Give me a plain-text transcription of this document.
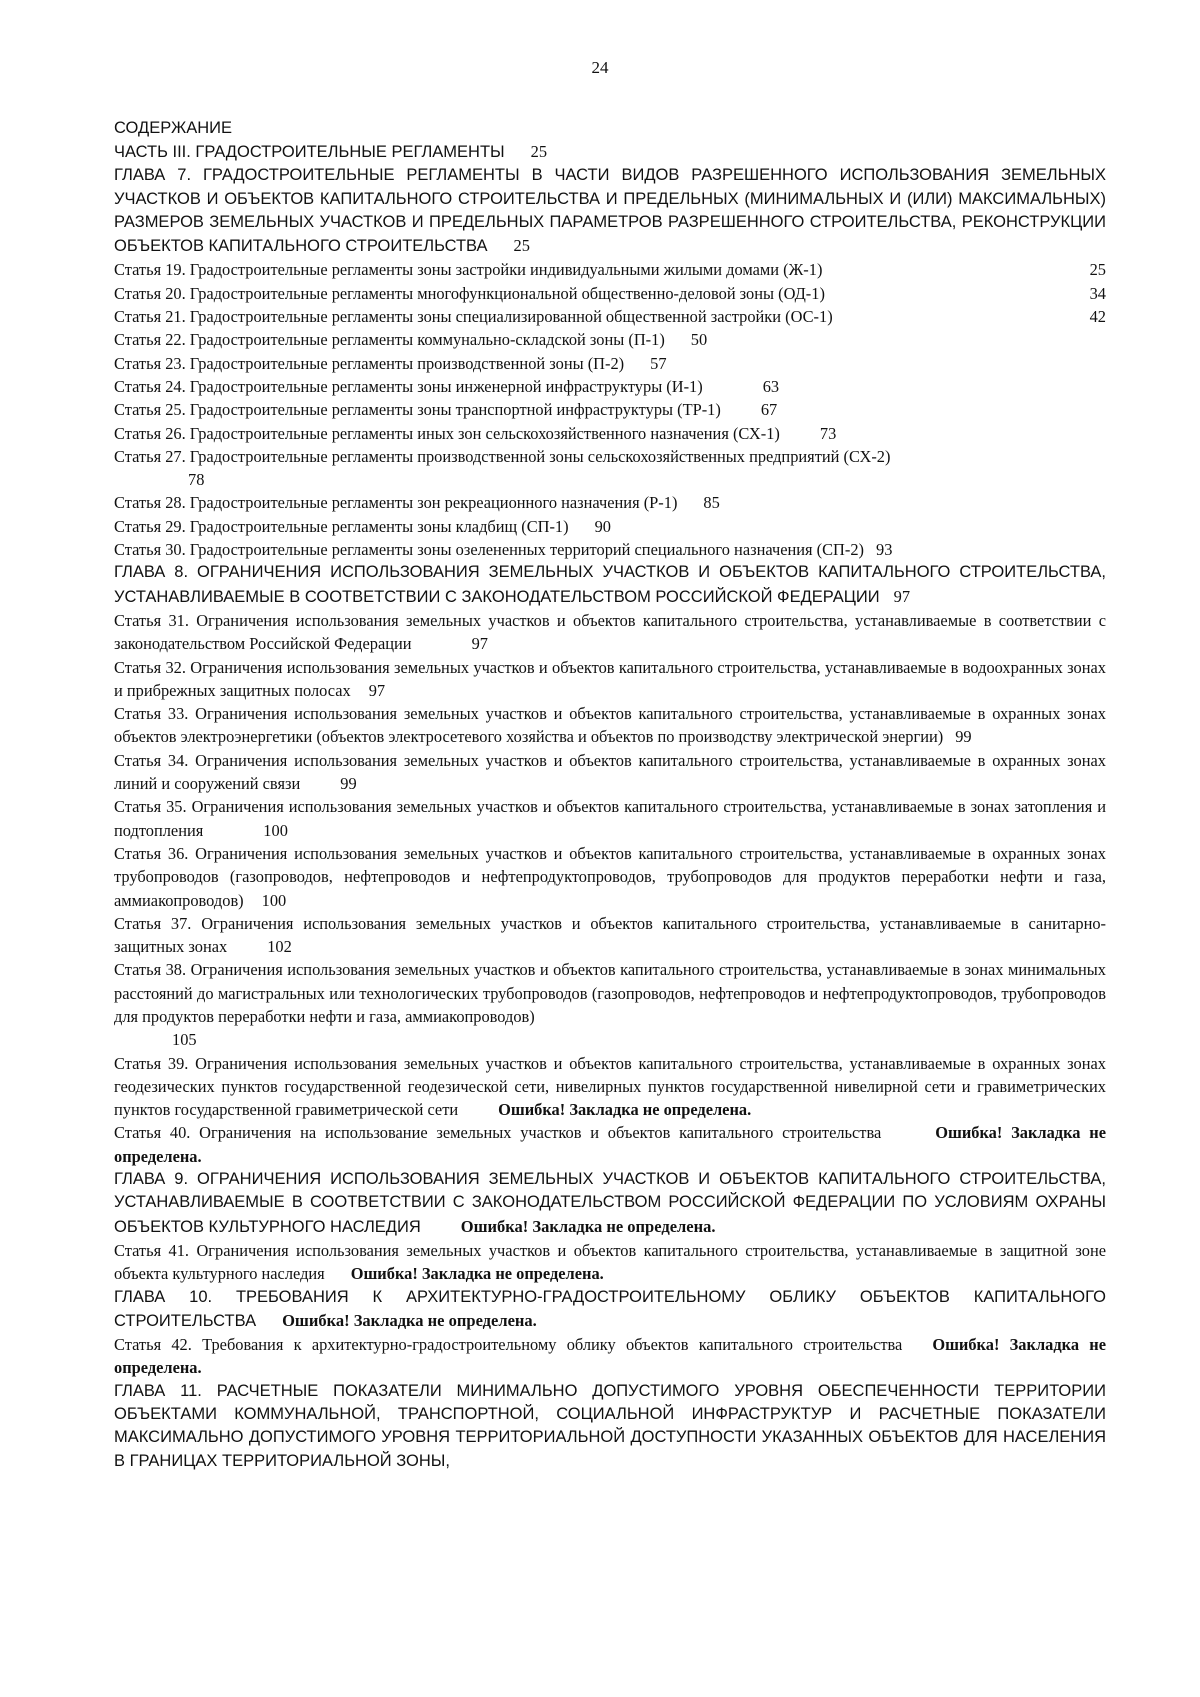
24

СОДЕРЖАНИЕ

ЧАСТЬ III. ГРАДОСТРОИТЕЛЬНЫЕ РЕГЛАМЕНТЫ 25

ГЛАВА 7. ГРАДОСТРОИТЕЛЬНЫЕ РЕГЛАМЕНТЫ В ЧАСТИ ВИДОВ РАЗРЕШЕННОГО ИСПОЛЬЗОВАНИЯ ЗЕМЕЛЬНЫХ УЧАСТКОВ И ОБЪЕКТОВ КАПИТАЛЬНОГО СТРОИТЕЛЬСТВА И ПРЕДЕЛЬНЫХ (МИНИМАЛЬНЫХ И (ИЛИ) МАКСИМАЛЬНЫХ) РАЗМЕРОВ ЗЕМЕЛЬНЫХ УЧАСТКОВ И ПРЕДЕЛЬНЫХ ПАРАМЕТРОВ РАЗРЕШЕННОГО СТРОИТЕЛЬСТВА, РЕКОНСТРУКЦИИ ОБЪЕКТОВ КАПИТАЛЬНОГО СТРОИТЕЛЬСТВА 25

Статья 19. Градостроительные регламенты зоны застройки индивидуальными жилыми домами (Ж-1)	25

Статья 20. Градостроительные регламенты многофункциональной общественно-деловой зоны (ОД-1)	34

Статья 21. Градостроительные регламенты зоны специализированной общественной застройки (ОС-1)	42

Статья 22. Градостроительные регламенты коммунально-складской зоны (П-1) 50

Статья 23. Градостроительные регламенты производственной зоны (П-2) 57

Статья 24. Градостроительные регламенты зоны инженерной инфраструктуры (И-1)	63

Статья 25. Градостроительные регламенты зоны транспортной инфраструктуры (ТР-1) 67

Статья 26. Градостроительные регламенты иных зон сельскохозяйственного назначения (СХ-1) 73

Статья 27. Градостроительные регламенты производственной зоны сельскохозяйственных предприятий (СХ-2)
78

Статья 28. Градостроительные регламенты зон рекреационного назначения (Р-1) 85

Статья 29. Градостроительные регламенты зоны кладбищ (СП-1) 90

Статья 30. Градостроительные регламенты зоны озелененных территорий специального назначения (СП-2) 93

ГЛАВА 8. ОГРАНИЧЕНИЯ ИСПОЛЬЗОВАНИЯ ЗЕМЕЛЬНЫХ УЧАСТКОВ И ОБЪЕКТОВ КАПИТАЛЬНОГО СТРОИТЕЛЬСТВА, УСТАНАВЛИВАЕМЫЕ В СООТВЕТСТВИИ С ЗАКОНОДАТЕЛЬСТВОМ РОССИЙСКОЙ ФЕДЕРАЦИИ 97

Статья 31. Ограничения использования земельных участков и объектов капитального строительства, устанавливаемые в соответствии с законодательством Российской Федерации	97

Статья 32. Ограничения использования земельных участков и объектов капитального строительства, устанавливаемые в водоохранных зонах и прибрежных защитных полосах 97

Статья 33. Ограничения использования земельных участков и объектов капитального строительства, устанавливаемые в охранных зонах объектов электроэнергетики (объектов электросетевого хозяйства и объектов по производству электрической энергии) 99

Статья 34. Ограничения использования земельных участков и объектов капитального строительства, устанавливаемые в охранных зонах линий и сооружений связи 99

Статья 35. Ограничения использования земельных участков и объектов капитального строительства, устанавливаемые в зонах затопления и подтопления	100

Статья 36. Ограничения использования земельных участков и объектов капитального строительства, устанавливаемые в охранных зонах трубопроводов (газопроводов, нефтепроводов и нефтепродуктопроводов, трубопроводов для продуктов переработки нефти и газа, аммиакопроводов) 100

Статья 37. Ограничения использования земельных участков и объектов капитального строительства, устанавливаемые в санитарно-защитных зонах 102

Статья 38. Ограничения использования земельных участков и объектов капитального строительства, устанавливаемые в зонах минимальных расстояний до магистральных или технологических трубопроводов (газопроводов, нефтепроводов и нефтепродуктопроводов, трубопроводов для продуктов переработки нефти и газа, аммиакопроводов)
105

Статья 39. Ограничения использования земельных участков и объектов капитального строительства, устанавливаемые в охранных зонах геодезических пунктов государственной геодезической сети, нивелирных пунктов государственной нивелирной сети и гравиметрических пунктов государственной гравиметрической сети Ошибка! Закладка не определена.

Статья 40. Ограничения на использование земельных участков и объектов капитального строительства	Ошибка! Закладка не определена.

ГЛАВА 9. ОГРАНИЧЕНИЯ ИСПОЛЬЗОВАНИЯ ЗЕМЕЛЬНЫХ УЧАСТКОВ И ОБЪЕКТОВ КАПИТАЛЬНОГО СТРОИТЕЛЬСТВА, УСТАНАВЛИВАЕМЫЕ В СООТВЕТСТВИИ С ЗАКОНОДАТЕЛЬСТВОМ РОССИЙСКОЙ ФЕДЕРАЦИИ ПО УСЛОВИЯМ ОХРАНЫ ОБЪЕКТОВ КУЛЬТУРНОГО НАСЛЕДИЯ Ошибка! Закладка не определена.

Статья 41. Ограничения использования земельных участков и объектов капитального строительства, устанавливаемые в защитной зоне объекта культурного наследия Ошибка! Закладка не определена.

ГЛАВА 10. ТРЕБОВАНИЯ К АРХИТЕКТУРНО-ГРАДОСТРОИТЕЛЬНОМУ ОБЛИКУ ОБЪЕКТОВ КАПИТАЛЬНОГО СТРОИТЕЛЬСТВА Ошибка! Закладка не определена.

Статья 42. Требования к архитектурно-градостроительному облику объектов капитального строительства Ошибка! Закладка не определена.

ГЛАВА 11. РАСЧЕТНЫЕ ПОКАЗАТЕЛИ МИНИМАЛЬНО ДОПУСТИМОГО УРОВНЯ ОБЕСПЕЧЕННОСТИ ТЕРРИТОРИИ ОБЪЕКТАМИ КОММУНАЛЬНОЙ, ТРАНСПОРТНОЙ, СОЦИАЛЬНОЙ ИНФРАСТРУКТУР И РАСЧЕТНЫЕ ПОКАЗАТЕЛИ МАКСИМАЛЬНО ДОПУСТИМОГО УРОВНЯ ТЕРРИТОРИАЛЬНОЙ ДОСТУПНОСТИ УКАЗАННЫХ ОБЪЕКТОВ ДЛЯ НАСЕЛЕНИЯ В ГРАНИЦАХ ТЕРРИТОРИАЛЬНОЙ ЗОНЫ,
